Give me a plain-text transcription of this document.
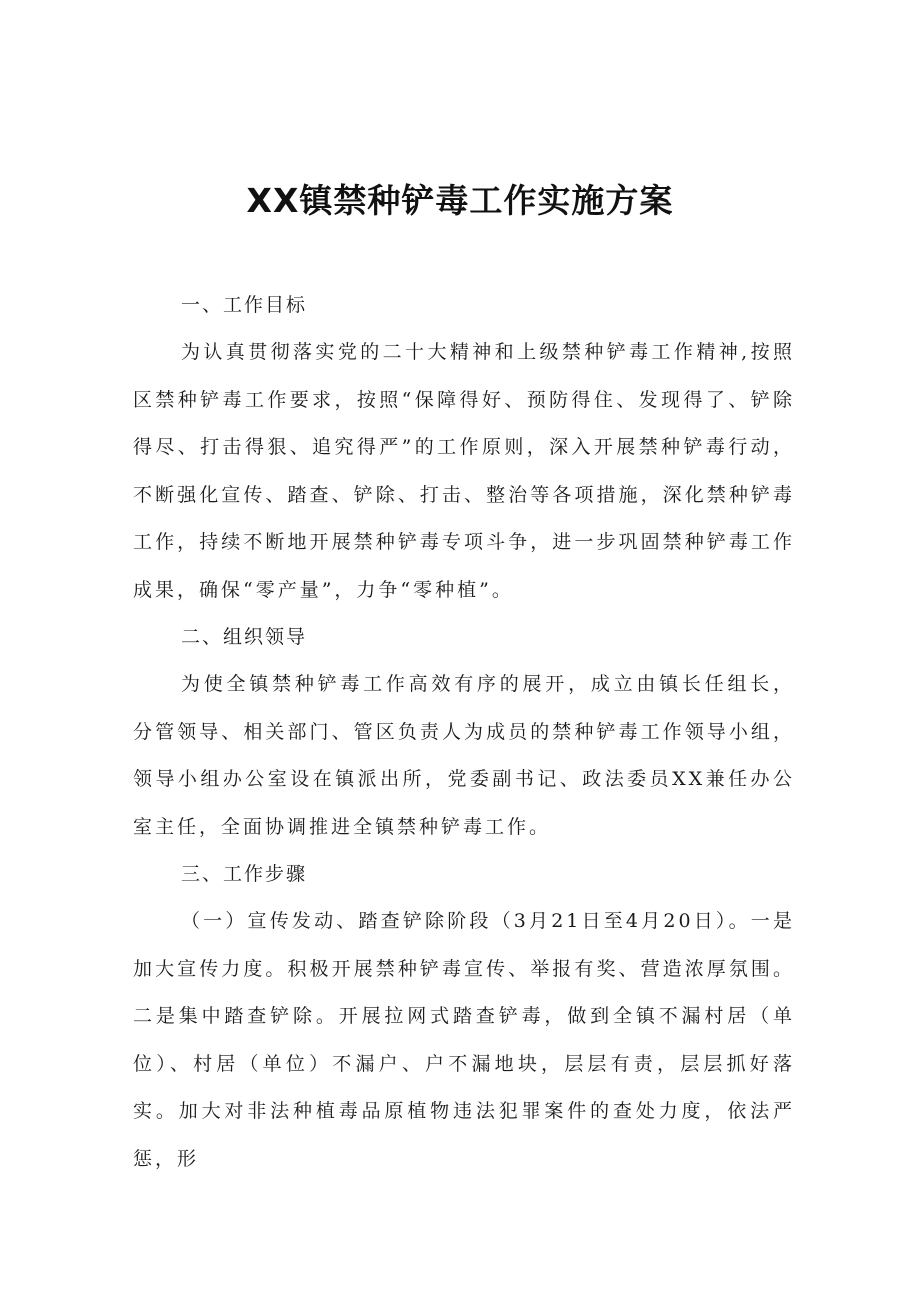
XX镇禁种铲毒工作实施方案

一、工作目标

为认真贯彻落实党的二十大精神和上级禁种铲毒工作精神,按照区禁种铲毒工作要求，按照“保障得好、预防得住、发现得了、铲除得尽、打击得狠、追究得严”的工作原则，深入开展禁种铲毒行动，不断强化宣传、踏查、铲除、打击、整治等各项措施，深化禁种铲毒工作，持续不断地开展禁种铲毒专项斗争，进一步巩固禁种铲毒工作成果，确保“零产量”，力争“零种植”。

二、组织领导

为使全镇禁种铲毒工作高效有序的展开，成立由镇长任组长，分管领导、相关部门、管区负责人为成员的禁种铲毒工作领导小组，领导小组办公室设在镇派出所，党委副书记、政法委员XX兼任办公室主任，全面协调推进全镇禁种铲毒工作。

三、工作步骤

（一）宣传发动、踏查铲除阶段（3月21日至4月20日）。一是加大宣传力度。积极开展禁种铲毒宣传、举报有奖、营造浓厚氛围。二是集中踏查铲除。开展拉网式踏查铲毒，做到全镇不漏村居（单位）、村居（单位）不漏户、户不漏地块，层层有责，层层抓好落实。加大对非法种植毒品原植物违法犯罪案件的查处力度，依法严惩，形
